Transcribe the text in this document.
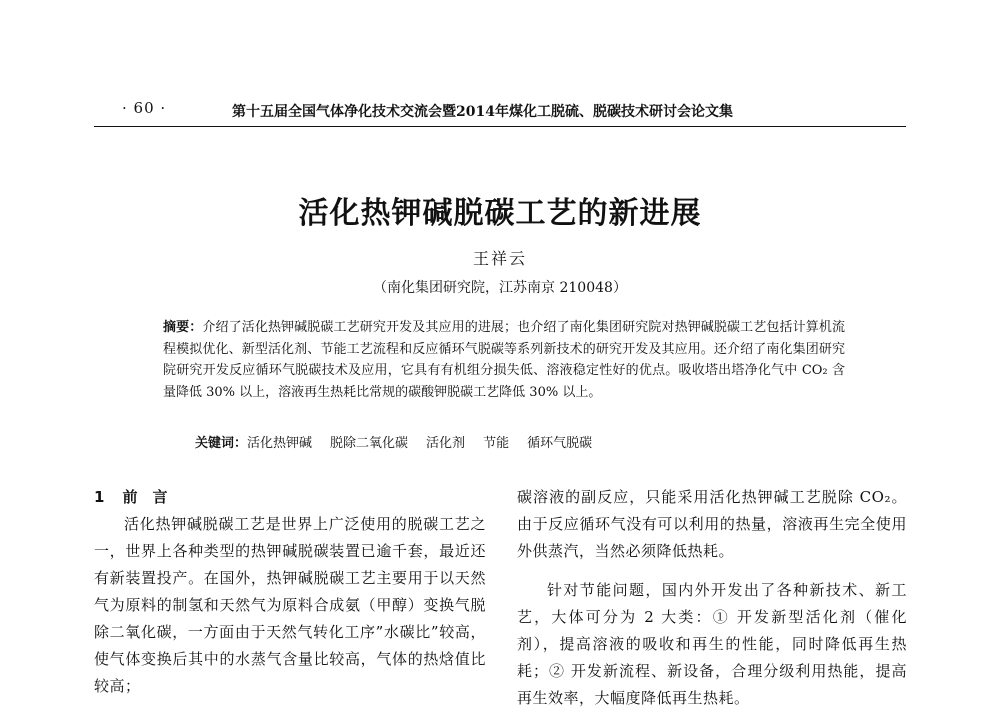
· 60 ·	第十五届全国气体净化技术交流会暨2014年煤化工脱硫、脱碳技术研讨会论文集
活化热钾碱脱碳工艺的新进展
王祥云
（南化集团研究院，江苏南京 210048）
摘要：介绍了活化热钾碱脱碳工艺研究开发及其应用的进展；也介绍了南化集团研究院对热钾碱脱碳工艺包括计算机流程模拟优化、新型活化剂、节能工艺流程和反应循环气脱碳等系列新技术的研究开发及其应用。还介绍了南化集团研究院研究开发反应循环气脱碳技术及应用，它具有有机组分损失低、溶液稳定性好的优点。吸收塔出塔净化气中 CO₂ 含量降低 30% 以上，溶液再生热耗比常规的碳酸钾脱碳工艺降低 30% 以上。
关键词：活化热钾碱 脱除二氧化碳 活化剂 节能 循环气脱碳
1 前　言

活化热钾碱脱碳工艺是世界上广泛使用的脱碳工艺之一，世界上各种类型的热钾碱脱碳装置已逾千套，最近还有新装置投产。在国外，热钾碱脱碳工艺主要用于以天然气为原料的制氢和天然气为原料合成氨（甲醇）变换气脱除二氧化碳，一方面由于天然气转化工序”水碳比”较高，使气体变换后其中的水蒸气含量比较高，气体的热焓值比较高；

碳溶液的副反应，只能采用活化热钾碱工艺脱除 CO₂。由于反应循环气没有可以利用的热量，溶液再生完全使用外供蒸汽，当然必须降低热耗。

针对节能问题，国内外开发出了各种新技术、新工艺，大体可分为 2 大类：① 开发新型活化剂（催化剂），提高溶液的吸收和再生的性能，同时降低再生热耗；② 开发新流程、新设备，合理分级利用热能，提高再生效率，大幅度降低再生热耗。
